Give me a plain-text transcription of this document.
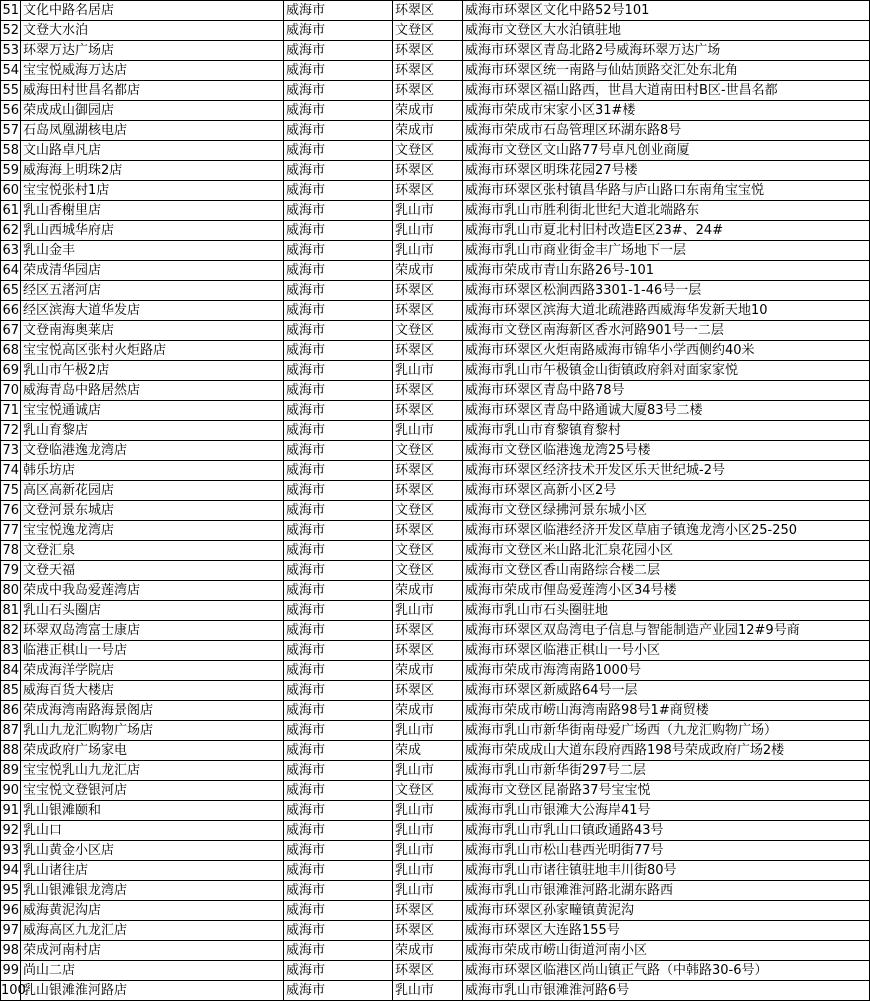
51	文化中路名居店	威海市	环翠区	威海市环翠区文化中路52号101
52	文登大水泊	威海市	文登区	威海市文登区大水泊镇驻地
53	环翠万达广场店	威海市	环翠区	威海市环翠区青岛北路2号威海环翠万达广场
54	宝宝悦威海万达店	威海市	环翠区	威海市环翠区统一南路与仙姑顶路交汇处东北角
55	威海田村世昌名都店	威海市	环翠区	威海市环翠区福山路西，世昌大道南田村B区-世昌名都
56	荣成成山御园店	威海市	荣成市	威海市荣成市宋家小区31#楼
57	石岛凤凰湖核电店	威海市	荣成市	威海市荣成市石岛管理区环湖东路8号
58	文山路卓凡店	威海市	文登区	威海市文登区文山路77号卓凡创业商厦
59	威海海上明珠2店	威海市	环翠区	威海市环翠区明珠花园27号楼
60	宝宝悦张村1店	威海市	环翠区	威海市环翠区张村镇昌华路与庐山路口东南角宝宝悦
61	乳山香榭里店	威海市	乳山市	威海市乳山市胜利街北世纪大道北端路东
62	乳山西城华府店	威海市	乳山市	威海市乳山市夏北村旧村改造E区23#、24#
63	乳山金丰	威海市	乳山市	威海市乳山市商业街金丰广场地下一层
64	荣成清华园店	威海市	荣成市	威海市荣成市青山东路26号-101
65	经区五渚河店	威海市	环翠区	威海市环翠区松涧西路3301-1-46号一层
66	经区滨海大道华发店	威海市	环翠区	威海市环翠区滨海大道北疏港路西威海华发新天地10
67	文登南海奥莱店	威海市	文登区	威海市文登区南海新区香水河路901号一二层
68	宝宝悦高区张村火炬路店	威海市	环翠区	威海市环翠区火炬南路威海市锦华小学西侧约40米
69	乳山市午极2店	威海市	乳山市	威海市乳山市午极镇金山街镇政府斜对面家家悦
70	威海青岛中路居然店	威海市	环翠区	威海市环翠区青岛中路78号
71	宝宝悦通诚店	威海市	环翠区	威海市环翠区青岛中路通诚大厦83号二楼
72	乳山育黎店	威海市	乳山市	威海市乳山市育黎镇育黎村
73	文登临港逸龙湾店	威海市	文登区	威海市文登区临港逸龙湾25号楼
74	韩乐坊店	威海市	环翠区	威海市环翠区经济技术开发区乐天世纪城-2号
75	高区高新花园店	威海市	环翠区	威海市环翠区高新小区2号
76	文登河景东城店	威海市	文登区	威海市文登区绿拂河景东城小区
77	宝宝悦逸龙湾店	威海市	环翠区	威海市环翠区临港经济开发区草庙子镇逸龙湾小区25-250
78	文登汇泉	威海市	文登区	威海市文登区米山路北汇泉花园小区
79	文登天福	威海市	文登区	威海市文登区香山南路综合楼二层
80	荣成中我岛爱莲湾店	威海市	荣成市	威海市荣成市俚岛爱莲湾小区34号楼
81	乳山石头圈店	威海市	乳山市	威海市乳山市石头圈驻地
82	环翠双岛湾富士康店	威海市	环翠区	威海市环翠区双岛湾电子信息与智能制造产业园12#9号商
83	临港正棋山一号店	威海市	环翠区	威海市环翠区临港正棋山一号小区
84	荣成海洋学院店	威海市	荣成市	威海市荣成市海湾南路1000号
85	威海百货大楼店	威海市	环翠区	威海市环翠区新威路64号一层
86	荣成海湾南路海景阁店	威海市	荣成市	威海市荣成市崂山海湾南路98号1#商贸楼
87	乳山九龙汇购物广场店	威海市	乳山市	威海市乳山市新华街南母爱广场西（九龙汇购物广场）
88	荣成政府广场家电	威海市	荣成	威海市荣成成山大道东段府西路198号荣成政府广场2楼
89	宝宝悦乳山九龙汇店	威海市	乳山市	威海市乳山市新华街297号二层
90	宝宝悦文登银河店	威海市	文登区	威海市文登区昆嵛路37号宝宝悦
91	乳山银滩颐和	威海市	乳山市	威海市乳山市银滩大公海岸41号
92	乳山口	威海市	乳山市	威海市乳山市乳山口镇政通路43号
93	乳山黄金小区店	威海市	乳山市	威海市乳山市松山巷西光明街77号
94	乳山诸往店	威海市	乳山市	威海市乳山市诸往镇驻地丰川街80号
95	乳山银滩银龙湾店	威海市	乳山市	威海市乳山市银滩淮河路北湖东路西
96	威海黄泥沟店	威海市	环翠区	威海市环翠区孙家疃镇黄泥沟
97	威海高区九龙汇店	威海市	环翠区	威海市环翠区大连路155号
98	荣成河南村店	威海市	荣成市	威海市荣成市崂山街道河南小区
99	尚山二店	威海市	环翠区	威海市环翠区临港区尚山镇正气路（中韩路30-6号）
100	乳山银滩淮河路店	威海市	乳山市	威海市乳山市银滩淮河路6号
